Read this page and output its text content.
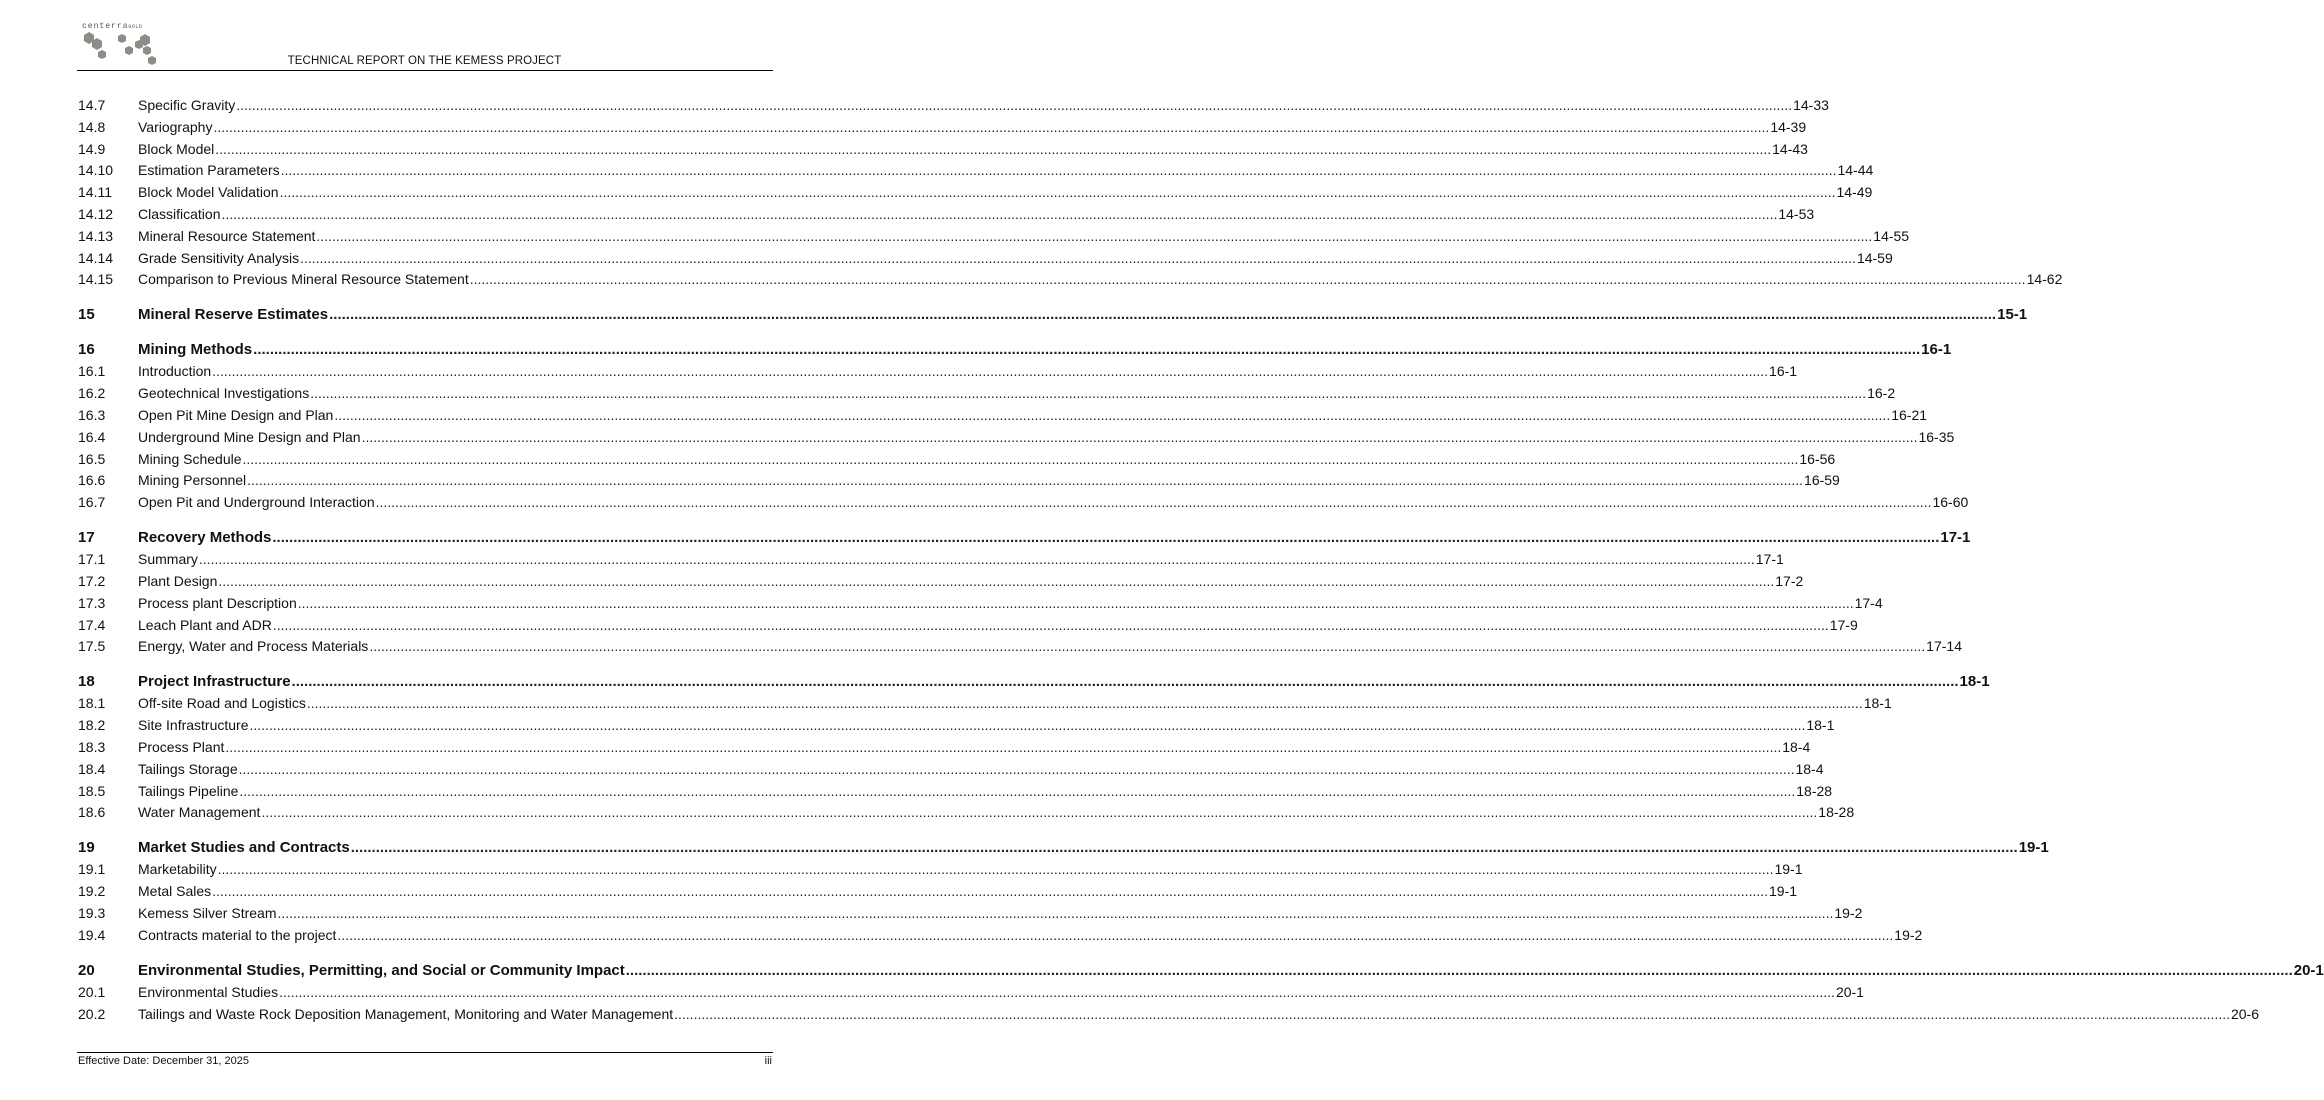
centerraGOLD
TECHNICAL REPORT ON THE KEMESS PROJECT
14.7	Specific Gravity ................................................................................................................................................................................................................................................................................................................................................................................................................ 14-33
14.8	Variography ................................................................................................................................................................................................................................................................................................................................................................................................................ 14-39
14.9	Block Model ................................................................................................................................................................................................................................................................................................................................................................................................................ 14-43
14.10	Estimation Parameters ................................................................................................................................................................................................................................................................................................................................................................................................................ 14-44
14.11	Block Model Validation ................................................................................................................................................................................................................................................................................................................................................................................................................ 14-49
14.12	Classification ................................................................................................................................................................................................................................................................................................................................................................................................................ 14-53
14.13	Mineral Resource Statement ................................................................................................................................................................................................................................................................................................................................................................................................................ 14-55
14.14	Grade Sensitivity Analysis ................................................................................................................................................................................................................................................................................................................................................................................................................ 14-59
14.15	Comparison to Previous Mineral Resource Statement ................................................................................................................................................................................................................................................................................................................................................................................................................ 14-62
15	Mineral Reserve Estimates ................................................................................................................................................................................................................................................................................................................................................................................................................ 15-1
16	Mining Methods ................................................................................................................................................................................................................................................................................................................................................................................................................ 16-1
16.1	Introduction ................................................................................................................................................................................................................................................................................................................................................................................................................ 16-1
16.2	Geotechnical Investigations ................................................................................................................................................................................................................................................................................................................................................................................................................ 16-2
16.3	Open Pit Mine Design and Plan ................................................................................................................................................................................................................................................................................................................................................................................................................ 16-21
16.4	Underground Mine Design and Plan ................................................................................................................................................................................................................................................................................................................................................................................................................ 16-35
16.5	Mining Schedule ................................................................................................................................................................................................................................................................................................................................................................................................................ 16-56
16.6	Mining Personnel ................................................................................................................................................................................................................................................................................................................................................................................................................ 16-59
16.7	Open Pit and Underground Interaction ................................................................................................................................................................................................................................................................................................................................................................................................................ 16-60
17	Recovery Methods ................................................................................................................................................................................................................................................................................................................................................................................................................ 17-1
17.1	Summary ................................................................................................................................................................................................................................................................................................................................................................................................................ 17-1
17.2	Plant Design ................................................................................................................................................................................................................................................................................................................................................................................................................ 17-2
17.3	Process plant Description ................................................................................................................................................................................................................................................................................................................................................................................................................ 17-4
17.4	Leach Plant and ADR ................................................................................................................................................................................................................................................................................................................................................................................................................ 17-9
17.5	Energy, Water and Process Materials ................................................................................................................................................................................................................................................................................................................................................................................................................ 17-14
18	Project Infrastructure ................................................................................................................................................................................................................................................................................................................................................................................................................ 18-1
18.1	Off-site Road and Logistics ................................................................................................................................................................................................................................................................................................................................................................................................................ 18-1
18.2	Site Infrastructure ................................................................................................................................................................................................................................................................................................................................................................................................................ 18-1
18.3	Process Plant ................................................................................................................................................................................................................................................................................................................................................................................................................ 18-4
18.4	Tailings Storage ................................................................................................................................................................................................................................................................................................................................................................................................................ 18-4
18.5	Tailings Pipeline ................................................................................................................................................................................................................................................................................................................................................................................................................ 18-28
18.6	Water Management ................................................................................................................................................................................................................................................................................................................................................................................................................ 18-28
19	Market Studies and Contracts ................................................................................................................................................................................................................................................................................................................................................................................................................ 19-1
19.1	Marketability ................................................................................................................................................................................................................................................................................................................................................................................................................ 19-1
19.2	Metal Sales ................................................................................................................................................................................................................................................................................................................................................................................................................ 19-1
19.3	Kemess Silver Stream ................................................................................................................................................................................................................................................................................................................................................................................................................ 19-2
19.4	Contracts material to the project ................................................................................................................................................................................................................................................................................................................................................................................................................ 19-2
20	Environmental Studies, Permitting, and Social or Community Impact ................................................................................................................................................................................................................................................................................................................................................................................................................ 20-1
20.1	Environmental Studies ................................................................................................................................................................................................................................................................................................................................................................................................................ 20-1
20.2	Tailings and Waste Rock Deposition Management, Monitoring and Water Management ................................................................................................................................................................................................................................................................................................................................................................................................................ 20-6
Effective Date: December 31, 2025	iii
